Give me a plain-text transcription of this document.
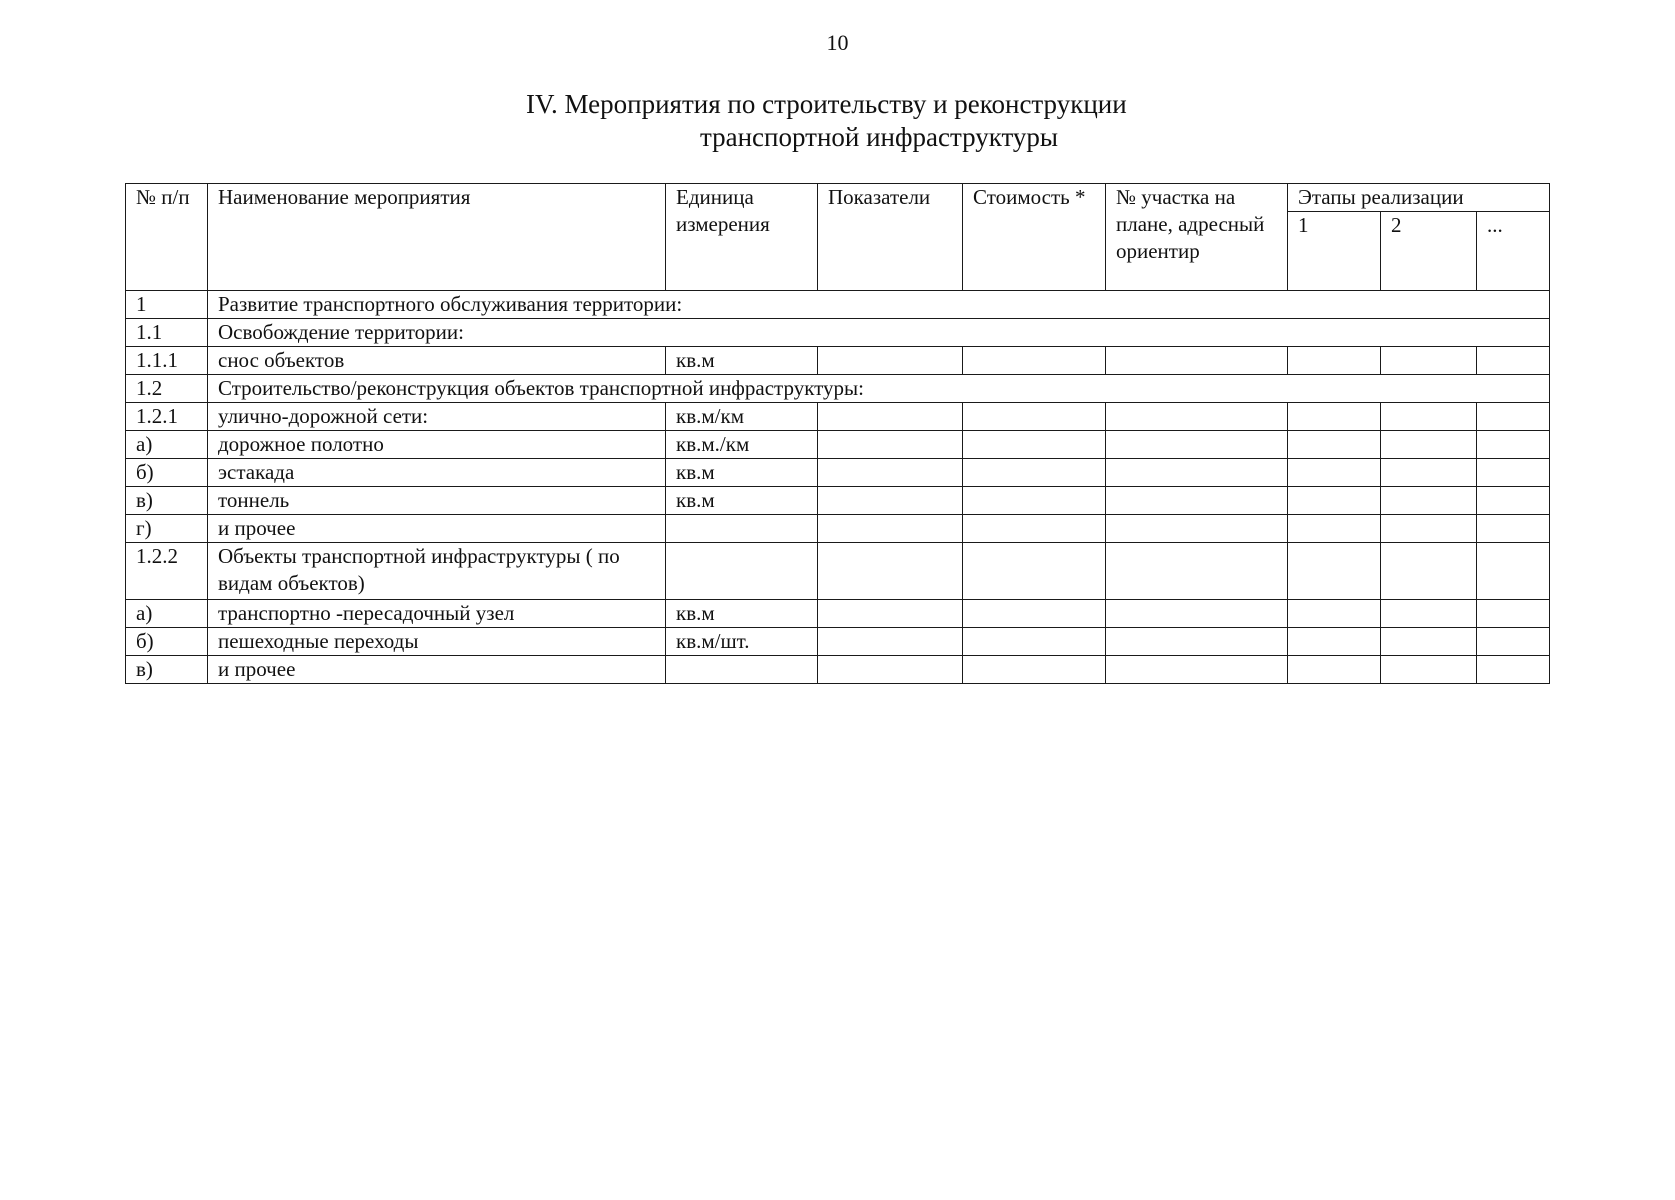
10
IV. Мероприятия по строительству и реконструкции
транспортной инфраструктуры
№ п/п	Наименование мероприятия	Единица измерения	Показатели	Стоимость *	№ участка на плане, адресный ориентир	Этапы реализации		
						1	2	...
1	Развитие транспортного обслуживания территории:							
1.1	Освобождение территории:							
1.1.1	снос объектов	кв.м						
1.2	Строительство/реконструкция объектов транспортной инфраструктуры:							
1.2.1	улично-дорожной сети:	кв.м/км						
а)	дорожное полотно	кв.м./км						
б)	эстакада	кв.м						
в)	тоннель	кв.м						
г)	и прочее							
1.2.2	Объекты транспортной инфраструктуры ( по видам объектов)							
а)	транспортно -пересадочный узел	кв.м						
б)	пешеходные переходы	кв.м/шт.						
в)	и прочее							
